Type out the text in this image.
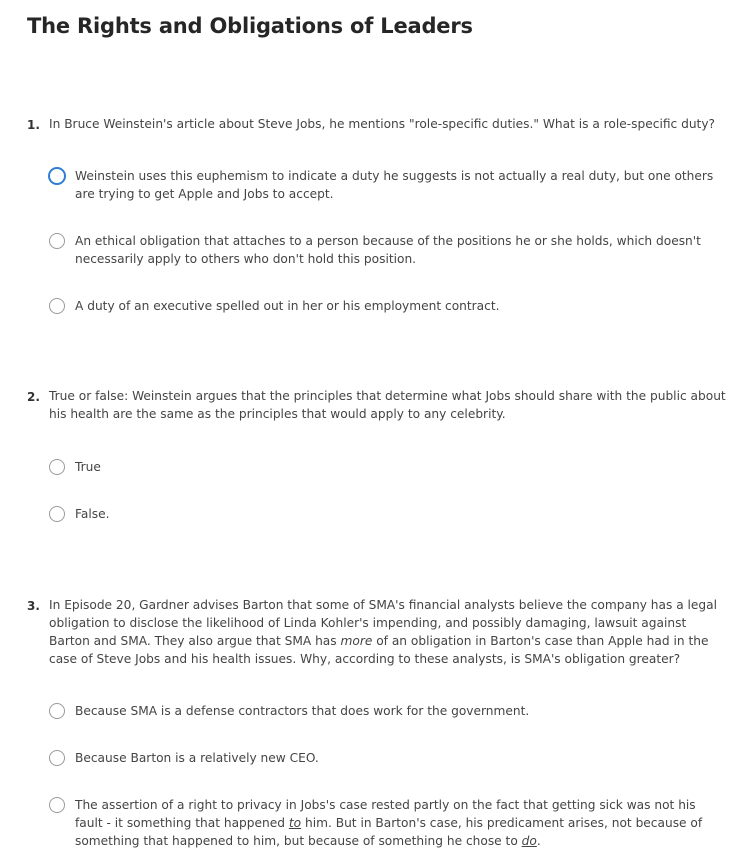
The Rights and Obligations of Leaders
1. In Bruce Weinstein's article about Steve Jobs, he mentions "role-specific duties." What is a role-specific duty?
Weinstein uses this euphemism to indicate a duty he suggests is not actually a real duty, but one others are trying to get Apple and Jobs to accept.
An ethical obligation that attaches to a person because of the positions he or she holds, which doesn't necessarily apply to others who don't hold this position.
A duty of an executive spelled out in her or his employment contract.
2. True or false: Weinstein argues that the principles that determine what Jobs should share with the public about his health are the same as the principles that would apply to any celebrity.
True
False.
3. In Episode 20, Gardner advises Barton that some of SMA's financial analysts believe the company has a legal obligation to disclose the likelihood of Linda Kohler's impending, and possibly damaging, lawsuit against Barton and SMA. They also argue that SMA has more of an obligation in Barton's case than Apple had in the case of Steve Jobs and his health issues. Why, according to these analysts, is SMA's obligation greater?
Because SMA is a defense contractors that does work for the government.
Because Barton is a relatively new CEO.
The assertion of a right to privacy in Jobs's case rested partly on the fact that getting sick was not his fault - it something that happened to him. But in Barton's case, his predicament arises, not because of something that happened to him, but because of something he chose to do.
